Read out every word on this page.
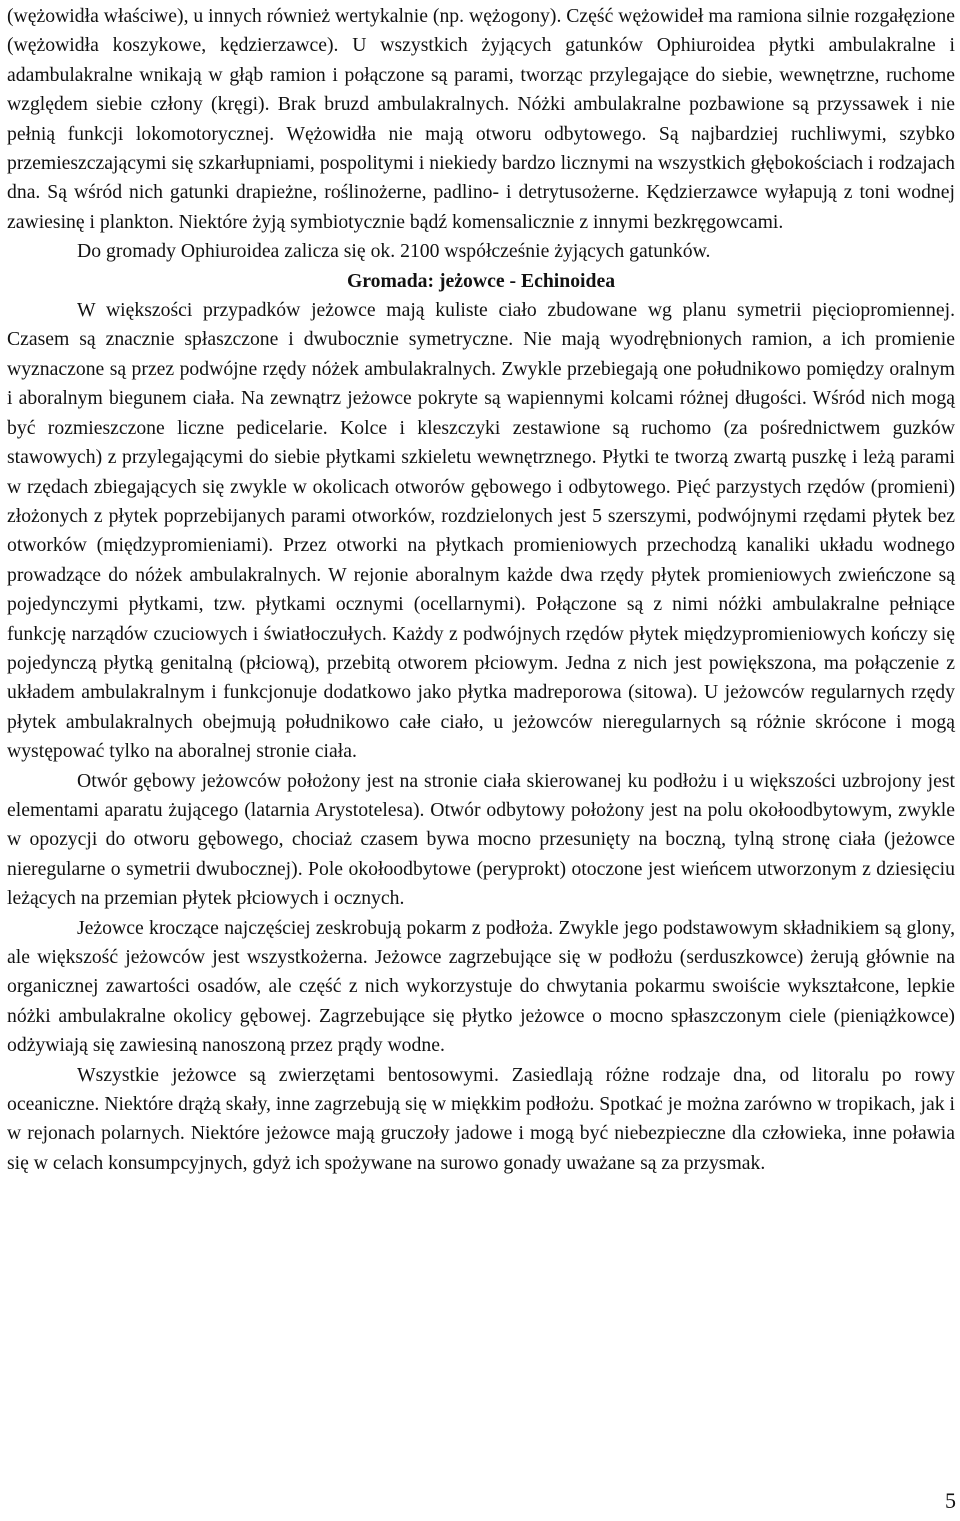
(wężowidła właściwe), u innych również wertykalnie (np. wężogony). Część wężowideł ma ramiona silnie rozgałęzione (wężowidła koszykowe, kędzierzawce). U wszystkich żyjących gatunków Ophiuroidea płytki ambulakralne i adambulakralne wnikają w głąb ramion i połączone są parami, tworząc przylegające do siebie, wewnętrzne, ruchome względem siebie człony (kręgi). Brak bruzd ambulakralnych. Nóżki ambulakralne pozbawione są przyssawek i nie pełnią funkcji lokomotorycznej. Wężowidła nie mają otworu odbytowego. Są najbardziej ruchliwymi, szybko przemieszczającymi się szkarłupniami, pospolitymi i niekiedy bardzo licznymi na wszystkich głębokościach i rodzajach dna. Są wśród nich gatunki drapieżne, roślinożerne, padlino- i detrytusożerne. Kędzierzawce wyłapują z toni wodnej zawiesinę i plankton. Niektóre żyją symbiotycznie bądź komensalicznie z innymi bezkręgowcami.

Do gromady Ophiuroidea zalicza się ok. 2100 współcześnie żyjących gatunków.

Gromada: jeżowce - Echinoidea

W większości przypadków jeżowce mają kuliste ciało zbudowane wg planu symetrii pięciopromiennej. Czasem są znacznie spłaszczone i dwubocznie symetryczne. Nie mają wyodrębnionych ramion, a ich promienie wyznaczone są przez podwójne rzędy nóżek ambulakralnych. Zwykle przebiegają one południkowo pomiędzy oralnym i aboralnym biegunem ciała. Na zewnątrz jeżowce pokryte są wapiennymi kolcami różnej długości. Wśród nich mogą być rozmieszczone liczne pedicelarie. Kolce i kleszczyki zestawione są ruchomo (za pośrednictwem guzków stawowych) z przylegającymi do siebie płytkami szkieletu wewnętrznego. Płytki te tworzą zwartą puszkę i leżą parami w rzędach zbiegających się zwykle w okolicach otworów gębowego i odbytowego. Pięć parzystych rzędów (promieni) złożonych z płytek poprzebijanych parami otworków, rozdzielonych jest 5 szerszymi, podwójnymi rzędami płytek bez otworków (międzypromieniami). Przez otworki na płytkach promieniowych przechodzą kanaliki układu wodnego prowadzące do nóżek ambulakralnych. W rejonie aboralnym każde dwa rzędy płytek promieniowych zwieńczone są pojedynczymi płytkami, tzw. płytkami ocznymi (ocellarnymi). Połączone są z nimi nóżki ambulakralne pełniące funkcję narządów czuciowych i światłoczułych. Każdy z podwójnych rzędów płytek międzypromieniowych kończy się pojedynczą płytką genitalną (płciową), przebitą otworem płciowym. Jedna z nich jest powiększona, ma połączenie z układem ambulakralnym i funkcjonuje dodatkowo jako płytka madreporowa (sitowa). U jeżowców regularnych rzędy płytek ambulakralnych obejmują południkowo całe ciało, u jeżowców nieregularnych są różnie skrócone i mogą występować tylko na aboralnej stronie ciała.

Otwór gębowy jeżowców położony jest na stronie ciała skierowanej ku podłożu i u większości uzbrojony jest elementami aparatu żującego (latarnia Arystotelesa). Otwór odbytowy położony jest na polu okołoodbytowym, zwykle w opozycji do otworu gębowego, chociaż czasem bywa mocno przesunięty na boczną, tylną stronę ciała (jeżowce nieregularne o symetrii dwubocznej). Pole okołoodbytowe (peryprokt) otoczone jest wieńcem utworzonym z dziesięciu leżących na przemian płytek płciowych i ocznych.

Jeżowce kroczące najczęściej zeskrobują pokarm z podłoża. Zwykle jego podstawowym składnikiem są glony, ale większość jeżowców jest wszystkożerna. Jeżowce zagrzebujące się w podłożu (serduszkowce) żerują głównie na organicznej zawartości osadów, ale część z nich wykorzystuje do chwytania pokarmu swoiście wykształcone, lepkie nóżki ambulakralne okolicy gębowej. Zagrzebujące się płytko jeżowce o mocno spłaszczonym ciele (pieniążkowce) odżywiają się zawiesiną nanoszoną przez prądy wodne.

Wszystkie jeżowce są zwierzętami bentosowymi. Zasiedlają różne rodzaje dna, od litoralu po rowy oceaniczne. Niektóre drążą skały, inne zagrzebują się w miękkim podłożu. Spotkać je można zarówno w tropikach, jak i w rejonach polarnych. Niektóre jeżowce mają gruczoły jadowe i mogą być niebezpieczne dla człowieka, inne poławia się w celach konsumpcyjnych, gdyż ich spożywane na surowo gonady uważane są za przysmak.

5
